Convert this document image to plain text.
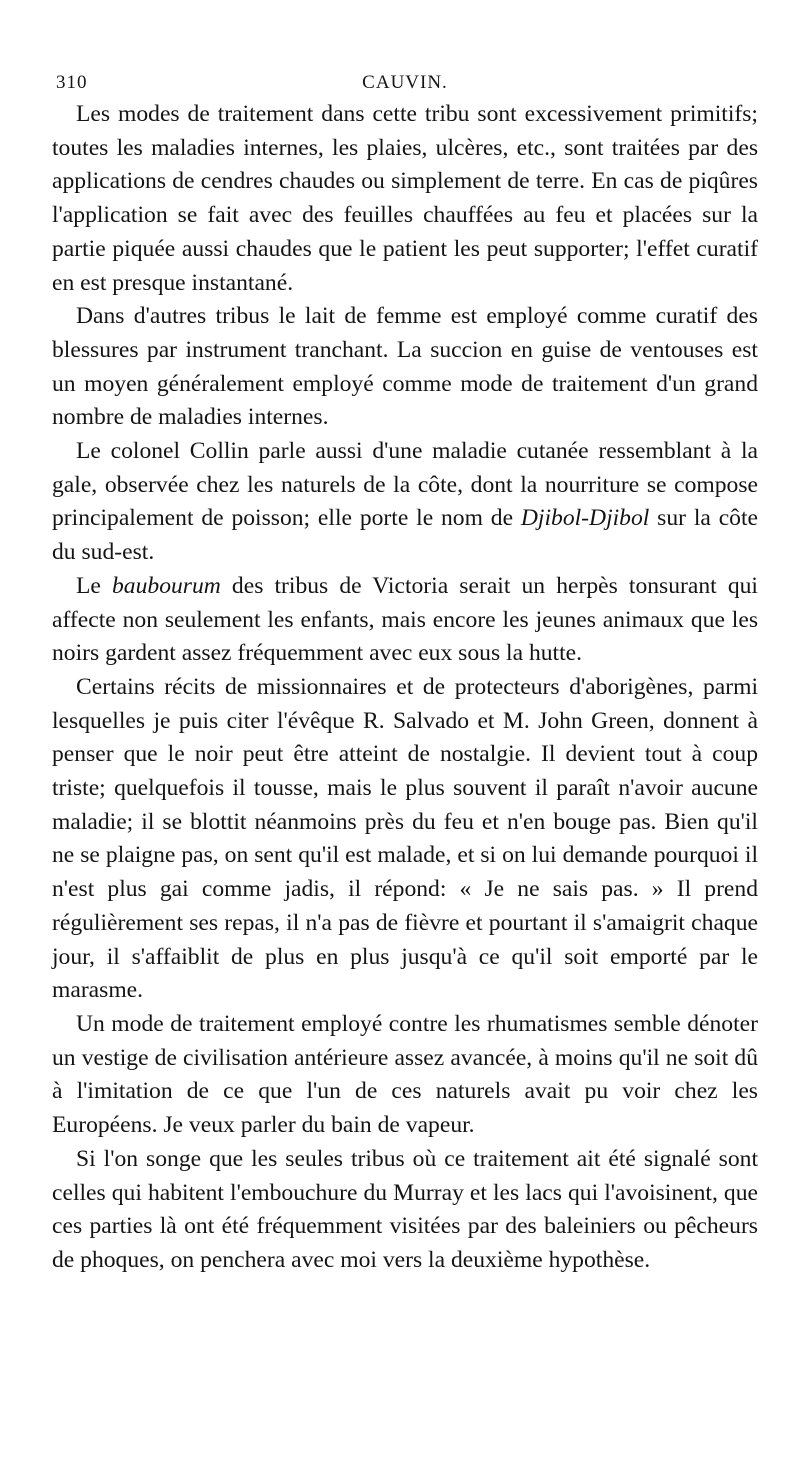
310	CAUVIN.

Les modes de traitement dans cette tribu sont excessivement primitifs; toutes les maladies internes, les plaies, ulcères, etc., sont traitées par des applications de cendres chaudes ou simplement de terre. En cas de piqûres l'application se fait avec des feuilles chauffées au feu et placées sur la partie piquée aussi chaudes que le patient les peut supporter; l'effet curatif en est presque instantané.

Dans d'autres tribus le lait de femme est employé comme curatif des blessures par instrument tranchant. La succion en guise de ventouses est un moyen généralement employé comme mode de traitement d'un grand nombre de maladies internes.

Le colonel Collin parle aussi d'une maladie cutanée ressemblant à la gale, observée chez les naturels de la côte, dont la nourriture se compose principalement de poisson; elle porte le nom de Djibol-Djibol sur la côte du sud-est.

Le baubourum des tribus de Victoria serait un herpès tonsurant qui affecte non seulement les enfants, mais encore les jeunes animaux que les noirs gardent assez fréquemment avec eux sous la hutte.

Certains récits de missionnaires et de protecteurs d'aborigènes, parmi lesquelles je puis citer l'évêque R. Salvado et M. John Green, donnent à penser que le noir peut être atteint de nostalgie. Il devient tout à coup triste; quelquefois il tousse, mais le plus souvent il paraît n'avoir aucune maladie; il se blottit néanmoins près du feu et n'en bouge pas. Bien qu'il ne se plaigne pas, on sent qu'il est malade, et si on lui demande pourquoi il n'est plus gai comme jadis, il répond: « Je ne sais pas. » Il prend régulièrement ses repas, il n'a pas de fièvre et pourtant il s'amaigrit chaque jour, il s'affaiblit de plus en plus jusqu'à ce qu'il soit emporté par le marasme.

Un mode de traitement employé contre les rhumatismes semble dénoter un vestige de civilisation antérieure assez avancée, à moins qu'il ne soit dû à l'imitation de ce que l'un de ces naturels avait pu voir chez les Européens. Je veux parler du bain de vapeur.

Si l'on songe que les seules tribus où ce traitement ait été signalé sont celles qui habitent l'embouchure du Murray et les lacs qui l'avoisinent, que ces parties là ont été fréquemment visitées par des baleiniers ou pêcheurs de phoques, on penchera avec moi vers la deuxième hypothèse.
